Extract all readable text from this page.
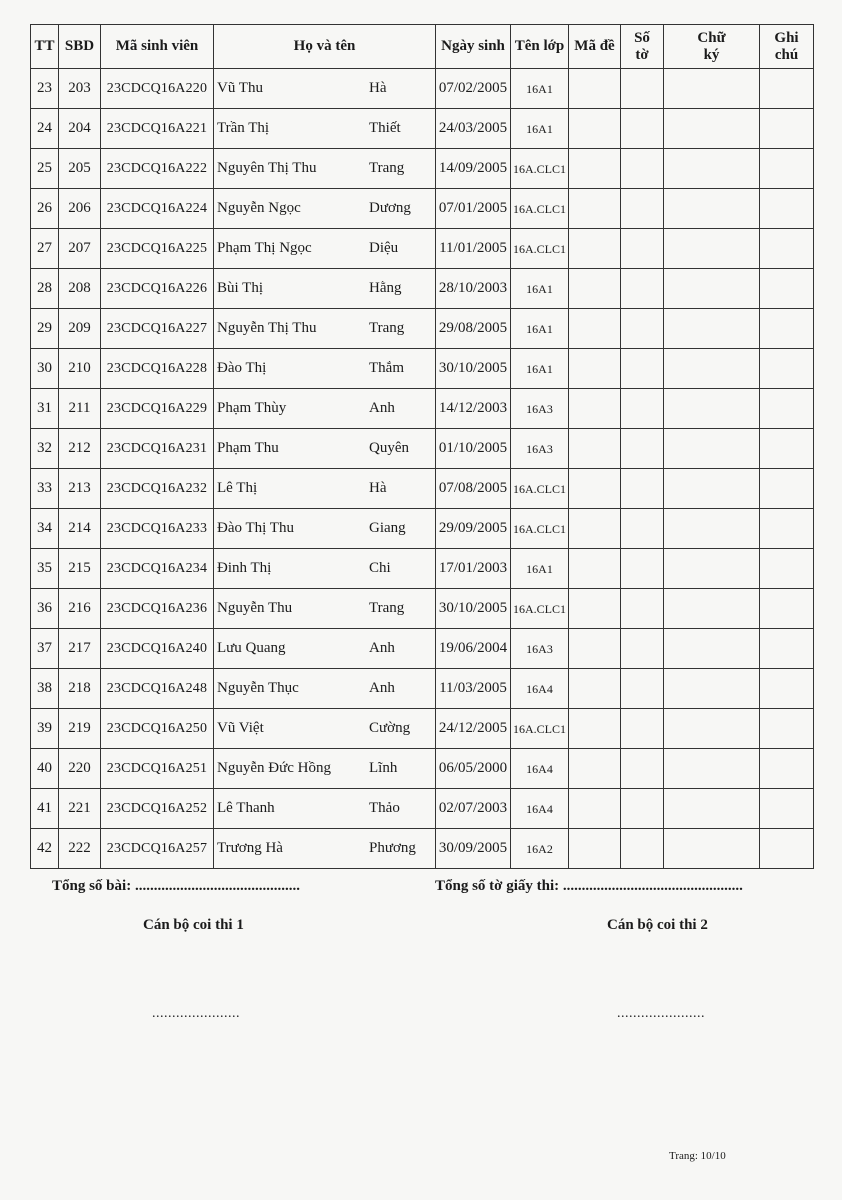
TT	SBD	Mã sinh viên	Họ và tên	Ngày sinh	Tên lớp	Mã đề	Số tờ	Chữ ký	Ghi chú
23	203	23CDCQ16A220	Vũ Thu Hà	07/02/2005	16A1				
24	204	23CDCQ16A221	Trần Thị Thiết	24/03/2005	16A1				
25	205	23CDCQ16A222	Nguyên Thị Thu Trang	14/09/2005	16A.CLC1				
26	206	23CDCQ16A224	Nguyễn Ngọc Dương	07/01/2005	16A.CLC1				
27	207	23CDCQ16A225	Phạm Thị Ngọc Diệu	11/01/2005	16A.CLC1				
28	208	23CDCQ16A226	Bùi Thị Hằng	28/10/2003	16A1				
29	209	23CDCQ16A227	Nguyễn Thị Thu Trang	29/08/2005	16A1				
30	210	23CDCQ16A228	Đào Thị Thắm	30/10/2005	16A1				
31	211	23CDCQ16A229	Phạm Thùy Anh	14/12/2003	16A3				
32	212	23CDCQ16A231	Phạm Thu Quyên	01/10/2005	16A3				
33	213	23CDCQ16A232	Lê Thị Hà	07/08/2005	16A.CLC1				
34	214	23CDCQ16A233	Đào Thị Thu Giang	29/09/2005	16A.CLC1				
35	215	23CDCQ16A234	Đinh Thị Chi	17/01/2003	16A1				
36	216	23CDCQ16A236	Nguyễn Thu Trang	30/10/2005	16A.CLC1				
37	217	23CDCQ16A240	Lưu Quang Anh	19/06/2004	16A3				
38	218	23CDCQ16A248	Nguyễn Thục Anh	11/03/2005	16A4				
39	219	23CDCQ16A250	Vũ Việt Cường	24/12/2005	16A.CLC1				
40	220	23CDCQ16A251	Nguyễn Đức Hồng Lĩnh	06/05/2000	16A4				
41	221	23CDCQ16A252	Lê Thanh Thảo	02/07/2003	16A4				
42	222	23CDCQ16A257	Trương Hà Phương	30/09/2005	16A2				
Tổng số bài: ............................................	Tổng số tờ giấy thi: ................................................
Cán bộ coi thi 1	Cán bộ coi thi 2
......................	......................
Trang: 10/10
